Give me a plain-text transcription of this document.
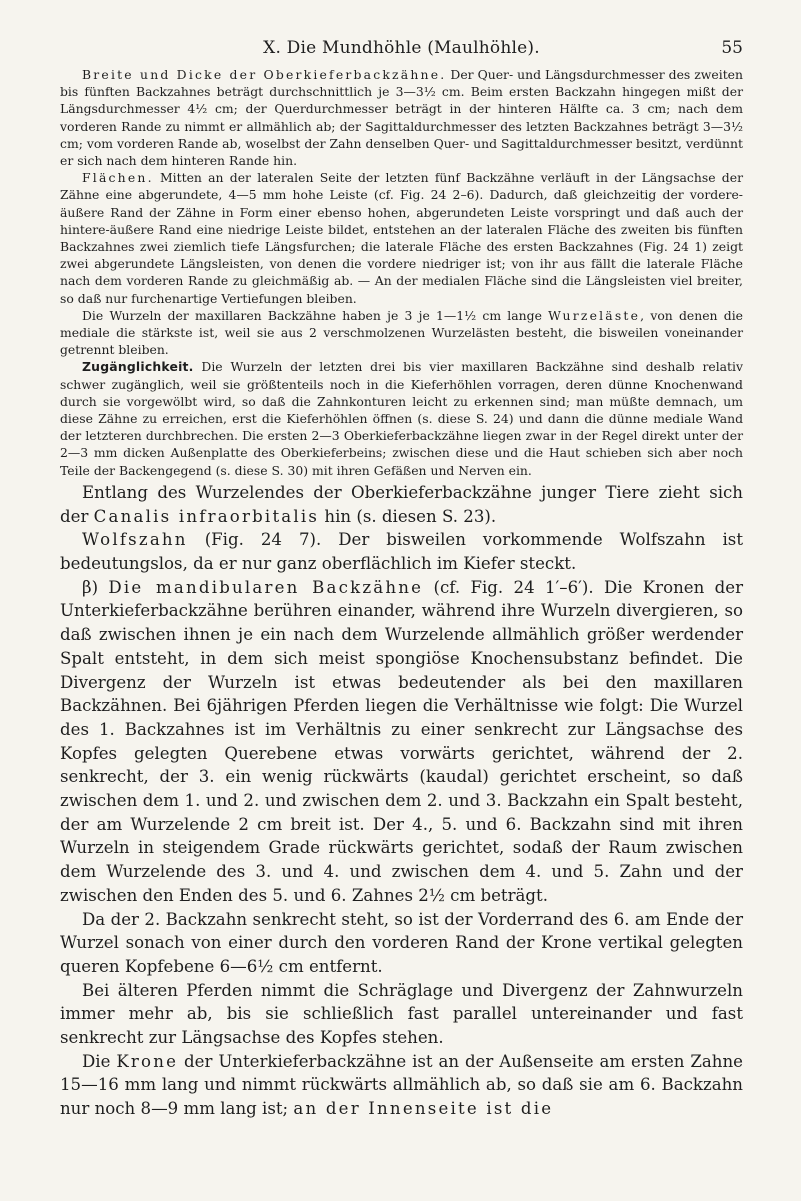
X. Die Mundhöhle (Maulhöhle).	55

Breite und Dicke der Oberkieferbackzähne. Der Quer- und Längsdurchmesser des zweiten bis fünften Backzahnes beträgt durchschnittlich je 3—3½ cm. Beim ersten Backzahn hingegen mißt der Längsdurchmesser 4½ cm; der Querdurchmesser beträgt in der hinteren Hälfte ca. 3 cm; nach dem vorderen Rande zu nimmt er allmählich ab; der Sagittaldurchmesser des letzten Backzahnes beträgt 3—3½ cm; vom vorderen Rande ab, woselbst der Zahn denselben Quer- und Sagittaldurchmesser besitzt, verdünnt er sich nach dem hinteren Rande hin.

Flächen. Mitten an der lateralen Seite der letzten fünf Backzähne verläuft in der Längsachse der Zähne eine abgerundete, 4—5 mm hohe Leiste (cf. Fig. 24 2–6). Dadurch, daß gleichzeitig der vordere-äußere Rand der Zähne in Form einer ebenso hohen, abgerundeten Leiste vorspringt und daß auch der hintere-äußere Rand eine niedrige Leiste bildet, entstehen an der lateralen Fläche des zweiten bis fünften Backzahnes zwei ziemlich tiefe Längsfurchen; die laterale Fläche des ersten Backzahnes (Fig. 24 1) zeigt zwei abgerundete Längsleisten, von denen die vordere niedriger ist; von ihr aus fällt die laterale Fläche nach dem vorderen Rande zu gleichmäßig ab. — An der medialen Fläche sind die Längsleisten viel breiter, so daß nur furchenartige Vertiefungen bleiben.

Die Wurzeln der maxillaren Backzähne haben je 3 je 1—1½ cm lange Wurzeläste, von denen die mediale die stärkste ist, weil sie aus 2 verschmolzenen Wurzelästen besteht, die bisweilen voneinander getrennt bleiben.

Zugänglichkeit. Die Wurzeln der letzten drei bis vier maxillaren Backzähne sind deshalb relativ schwer zugänglich, weil sie größtenteils noch in die Kieferhöhlen vorragen, deren dünne Knochenwand durch sie vorgewölbt wird, so daß die Zahnkonturen leicht zu erkennen sind; man müßte demnach, um diese Zähne zu erreichen, erst die Kieferhöhlen öffnen (s. diese S. 24) und dann die dünne mediale Wand der letzteren durchbrechen. Die ersten 2—3 Oberkieferbackzähne liegen zwar in der Regel direkt unter der 2—3 mm dicken Außenplatte des Oberkieferbeins; zwischen diese und die Haut schieben sich aber noch Teile der Backengegend (s. diese S. 30) mit ihren Gefäßen und Nerven ein.

Entlang des Wurzelendes der Oberkieferbackzähne junger Tiere zieht sich der Canalis infraorbitalis hin (s. diesen S. 23).

Wolfszahn (Fig. 24 7). Der bisweilen vorkommende Wolfszahn ist bedeutungslos, da er nur ganz oberflächlich im Kiefer steckt.

β) Die mandibularen Backzähne (cf. Fig. 24 1′–6′). Die Kronen der Unterkieferbackzähne berühren einander, während ihre Wurzeln divergieren, so daß zwischen ihnen je ein nach dem Wurzelende allmählich größer werdender Spalt entsteht, in dem sich meist spongiöse Knochensubstanz befindet. Die Divergenz der Wurzeln ist etwas bedeutender als bei den maxillaren Backzähnen. Bei 6jährigen Pferden liegen die Verhältnisse wie folgt: Die Wurzel des 1. Backzahnes ist im Verhältnis zu einer senkrecht zur Längsachse des Kopfes gelegten Querebene etwas vorwärts gerichtet, während der 2. senkrecht, der 3. ein wenig rückwärts (kaudal) gerichtet erscheint, so daß zwischen dem 1. und 2. und zwischen dem 2. und 3. Backzahn ein Spalt besteht, der am Wurzelende 2 cm breit ist. Der 4., 5. und 6. Backzahn sind mit ihren Wurzeln in steigendem Grade rückwärts gerichtet, sodaß der Raum zwischen dem Wurzelende des 3. und 4. und zwischen dem 4. und 5. Zahn und der zwischen den Enden des 5. und 6. Zahnes 2½ cm beträgt.

Da der 2. Backzahn senkrecht steht, so ist der Vorderrand des 6. am Ende der Wurzel sonach von einer durch den vorderen Rand der Krone vertikal gelegten queren Kopfebene 6—6½ cm entfernt.

Bei älteren Pferden nimmt die Schräglage und Divergenz der Zahnwurzeln immer mehr ab, bis sie schließlich fast parallel untereinander und fast senkrecht zur Längsachse des Kopfes stehen.

Die Krone der Unterkieferbackzähne ist an der Außenseite am ersten Zahne 15—16 mm lang und nimmt rückwärts allmählich ab, so daß sie am 6. Backzahn nur noch 8—9 mm lang ist; an der Innenseite ist die
